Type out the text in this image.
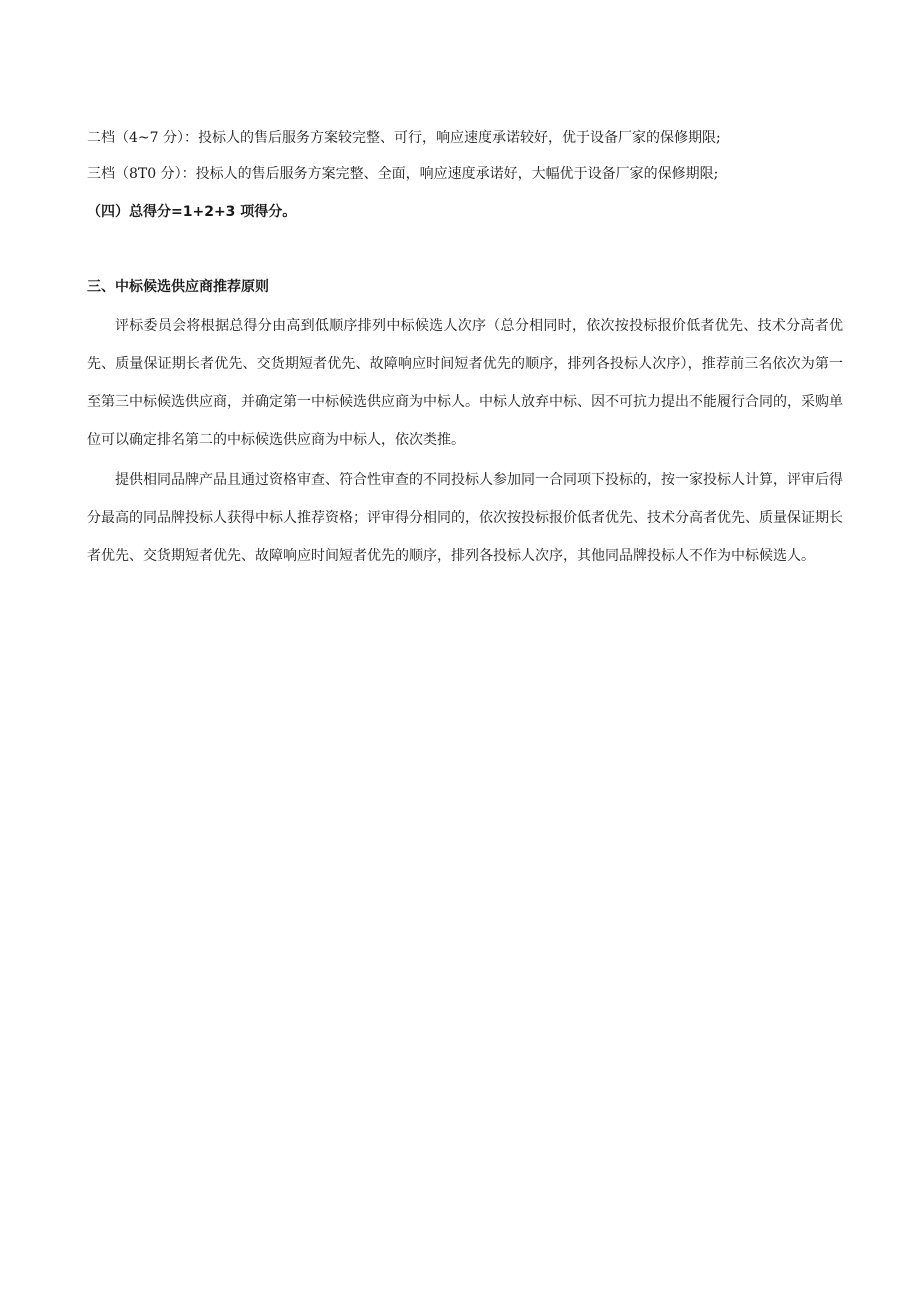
二档（4~7 分）：投标人的售后服务方案较完整、可行，响应速度承诺较好，优于设备厂家的保修期限;
三档（8T0 分）：投标人的售后服务方案完整、全面，响应速度承诺好，大幅优于设备厂家的保修期限;
（四）总得分=1+2+3 项得分。
三、中标候选供应商推荐原则
评标委员会将根据总得分由高到低顺序排列中标候选人次序（总分相同时，依次按投标报价低者优先、技术分高者优先、质量保证期长者优先、交货期短者优先、故障响应时间短者优先的顺序，排列各投标人次序），推荐前三名依次为第一至第三中标候选供应商，并确定第一中标候选供应商为中标人。中标人放弃中标、因不可抗力提出不能履行合同的，采购单位可以确定排名第二的中标候选供应商为中标人，依次类推。
提供相同品牌产品且通过资格审查、符合性审查的不同投标人参加同一合同项下投标的，按一家投标人计算，评审后得分最高的同品牌投标人获得中标人推荐资格；评审得分相同的，依次按投标报价低者优先、技术分高者优先、质量保证期长者优先、交货期短者优先、故障响应时间短者优先的顺序，排列各投标人次序，其他同品牌投标人不作为中标候选人。
